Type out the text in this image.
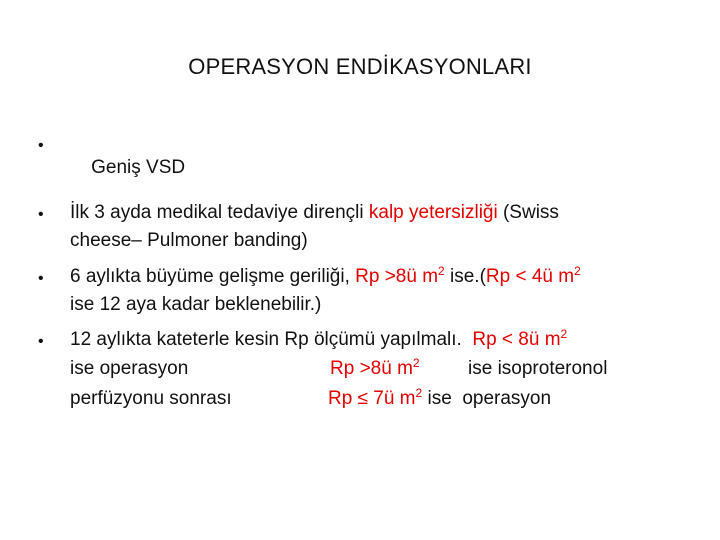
OPERASYON ENDİKASYONLARI
•

Geniş VSD

• İlk 3 ayda medikal tedaviye dirençli kalp yetersizliği (Swiss
cheese– Pulmoner banding)
• 6 aylıkta büyüme gelişme geriliği, Rp >8ü $m^2$ ise.(Rp < 4ü $m^2$
ise 12 aya kadar beklenebilir.)
• 12 aylıkta kateterle kesin Rp ölçümü yapılmalı.  Rp < 8ü $m^2$
ise operasyon	Rp >8ü $m^2$	ise isoproteronol
perfüzyonu sonrası	Rp ≤ 7ü $m^2$ ise  operasyon
